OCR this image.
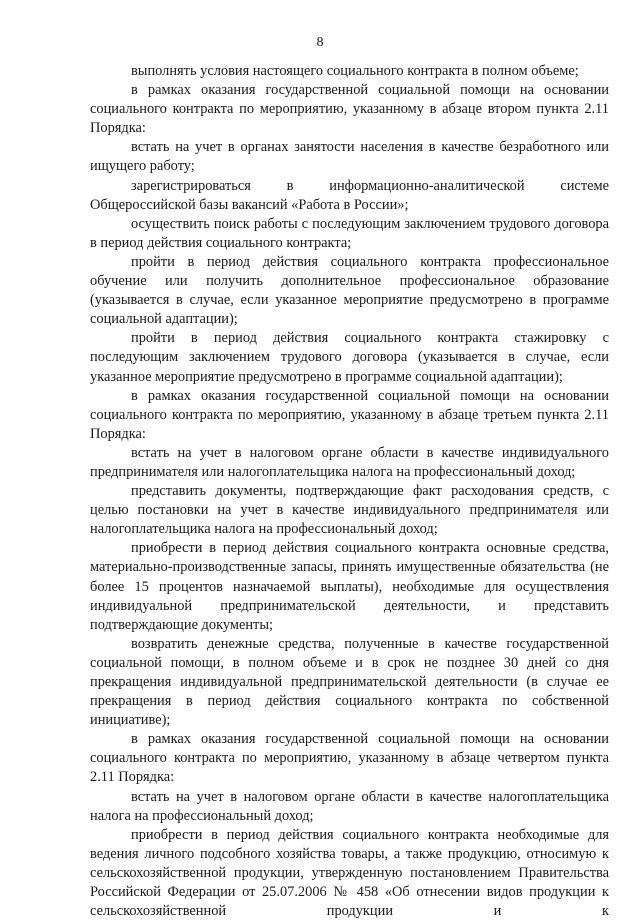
8

выполнять условия настоящего социального контракта в полном объеме;

в рамках оказания государственной социальной помощи на основании социального контракта по мероприятию, указанному в абзаце втором пункта 2.11 Порядка:

встать на учет в органах занятости населения в качестве безработного или ищущего работу;

зарегистрироваться в информационно-аналитической системе Общероссийской базы вакансий «Работа в России»;

осуществить поиск работы с последующим заключением трудового договора в период действия социального контракта;

пройти в период действия социального контракта профессиональное обучение или получить дополнительное профессиональное образование (указывается в случае, если указанное мероприятие предусмотрено в программе социальной адаптации);

пройти в период действия социального контракта стажировку с последующим заключением трудового договора (указывается в случае, если указанное мероприятие предусмотрено в программе социальной адаптации);

в рамках оказания государственной социальной помощи на основании социального контракта по мероприятию, указанному в абзаце третьем пункта 2.11 Порядка:

встать на учет в налоговом органе области в качестве индивидуального предпринимателя или налогоплательщика налога на профессиональный доход;

представить документы, подтверждающие факт расходования средств, с целью постановки на учет в качестве индивидуального предпринимателя или налогоплательщика налога на профессиональный доход;

приобрести в период действия социального контракта основные средства, материально-производственные запасы, принять имущественные обязательства (не более 15 процентов назначаемой выплаты), необходимые для осуществления индивидуальной предпринимательской деятельности, и представить подтверждающие документы;

возвратить денежные средства, полученные в качестве государственной социальной помощи, в полном объеме и в срок не позднее 30 дней со дня прекращения индивидуальной предпринимательской деятельности (в случае ее прекращения в период действия социального контракта по собственной инициативе);

в рамках оказания государственной социальной помощи на основании социального контракта по мероприятию, указанному в абзаце четвертом пункта 2.11 Порядка:

встать на учет в налоговом органе области в качестве налогоплательщика налога на профессиональный доход;

приобрести в период действия социального контракта необходимые для ведения личного подсобного хозяйства товары, а также продукцию, относимую к сельскохозяйственной продукции, утвержденную постановлением Правительства Российской Федерации от 25.07.2006 № 458 «Об отнесении видов продукции к сельскохозяйственной продукции и к
